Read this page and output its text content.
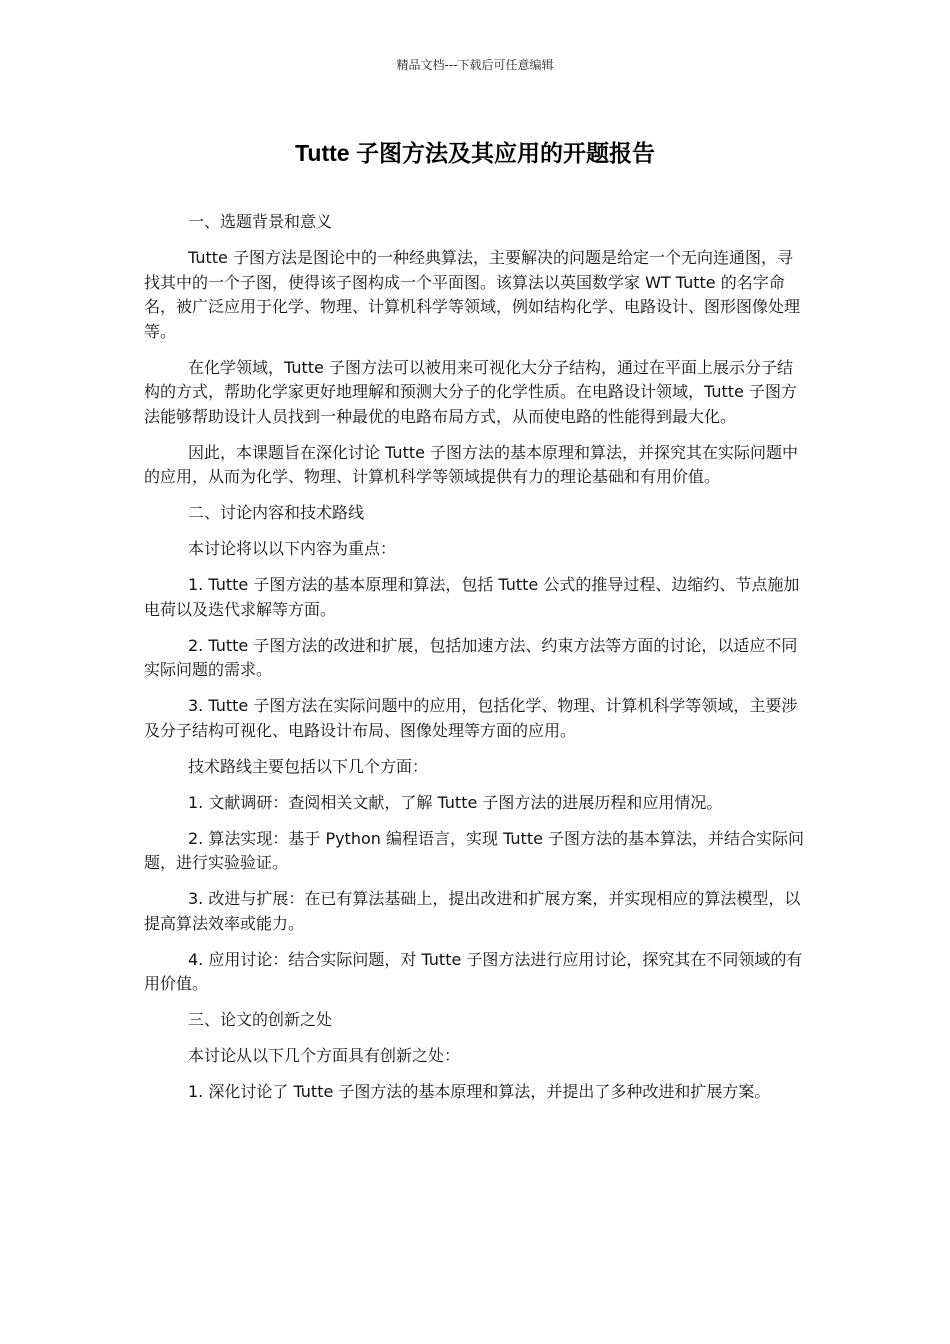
精品文档---下载后可任意编辑
Tutte 子图方法及其应用的开题报告

一、选题背景和意义

Tutte 子图方法是图论中的一种经典算法，主要解决的问题是给定一个无向连通图，寻找其中的一个子图，使得该子图构成一个平面图。该算法以英国数学家 WT Tutte 的名字命名，被广泛应用于化学、物理、计算机科学等领域，例如结构化学、电路设计、图形图像处理等。

在化学领域，Tutte 子图方法可以被用来可视化大分子结构，通过在平面上展示分子结构的方式，帮助化学家更好地理解和预测大分子的化学性质。在电路设计领域，Tutte 子图方法能够帮助设计人员找到一种最优的电路布局方式，从而使电路的性能得到最大化。

因此，本课题旨在深化讨论 Tutte 子图方法的基本原理和算法，并探究其在实际问题中的应用，从而为化学、物理、计算机科学等领域提供有力的理论基础和有用价值。

二、讨论内容和技术路线

本讨论将以以下内容为重点：

1. Tutte 子图方法的基本原理和算法，包括 Tutte 公式的推导过程、边缩约、节点施加电荷以及迭代求解等方面。

2. Tutte 子图方法的改进和扩展，包括加速方法、约束方法等方面的讨论，以适应不同实际问题的需求。

3. Tutte 子图方法在实际问题中的应用，包括化学、物理、计算机科学等领域，主要涉及分子结构可视化、电路设计布局、图像处理等方面的应用。

技术路线主要包括以下几个方面：

1. 文献调研：查阅相关文献，了解 Tutte 子图方法的进展历程和应用情况。

2. 算法实现：基于 Python 编程语言，实现 Tutte 子图方法的基本算法，并结合实际问题，进行实验验证。

3. 改进与扩展：在已有算法基础上，提出改进和扩展方案，并实现相应的算法模型，以提高算法效率或能力。

4. 应用讨论：结合实际问题，对 Tutte 子图方法进行应用讨论，探究其在不同领域的有用价值。

三、论文的创新之处

本讨论从以下几个方面具有创新之处：

1. 深化讨论了 Tutte 子图方法的基本原理和算法，并提出了多种改进和扩展方案。
